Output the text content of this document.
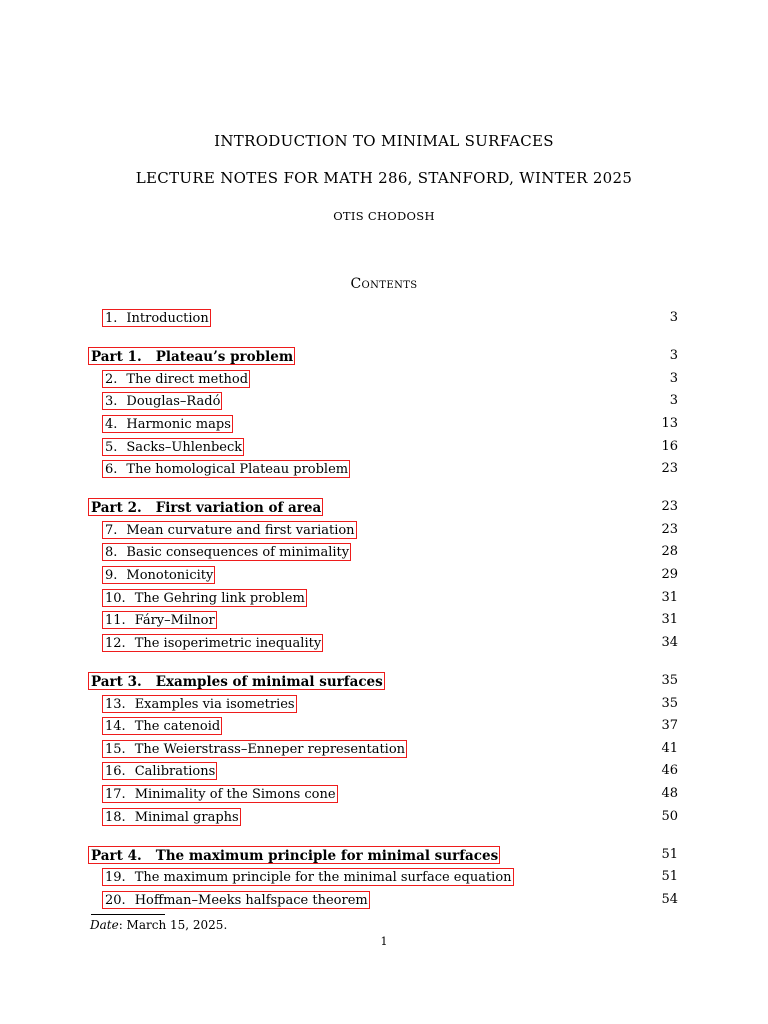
INTRODUCTION TO MINIMAL SURFACES
LECTURE NOTES FOR MATH 286, STANFORD, WINTER 2025
OTIS CHODOSH
Contents
1. Introduction	3
Part 1. Plateau’s problem	3
2. The direct method	3
3. Douglas–Radó	3
4. Harmonic maps	13
5. Sacks–Uhlenbeck	16
6. The homological Plateau problem	23
Part 2. First variation of area	23
7. Mean curvature and first variation	23
8. Basic consequences of minimality	28
9. Monotonicity	29
10. The Gehring link problem	31
11. Fáry–Milnor	31
12. The isoperimetric inequality	34
Part 3. Examples of minimal surfaces	35
13. Examples via isometries	35
14. The catenoid	37
15. The Weierstrass–Enneper representation	41
16. Calibrations	46
17. Minimality of the Simons cone	48
18. Minimal graphs	50
Part 4. The maximum principle for minimal surfaces	51
19. The maximum principle for the minimal surface equation	51
20. Hoffman–Meeks halfspace theorem	54
Date: March 15, 2025.
1
